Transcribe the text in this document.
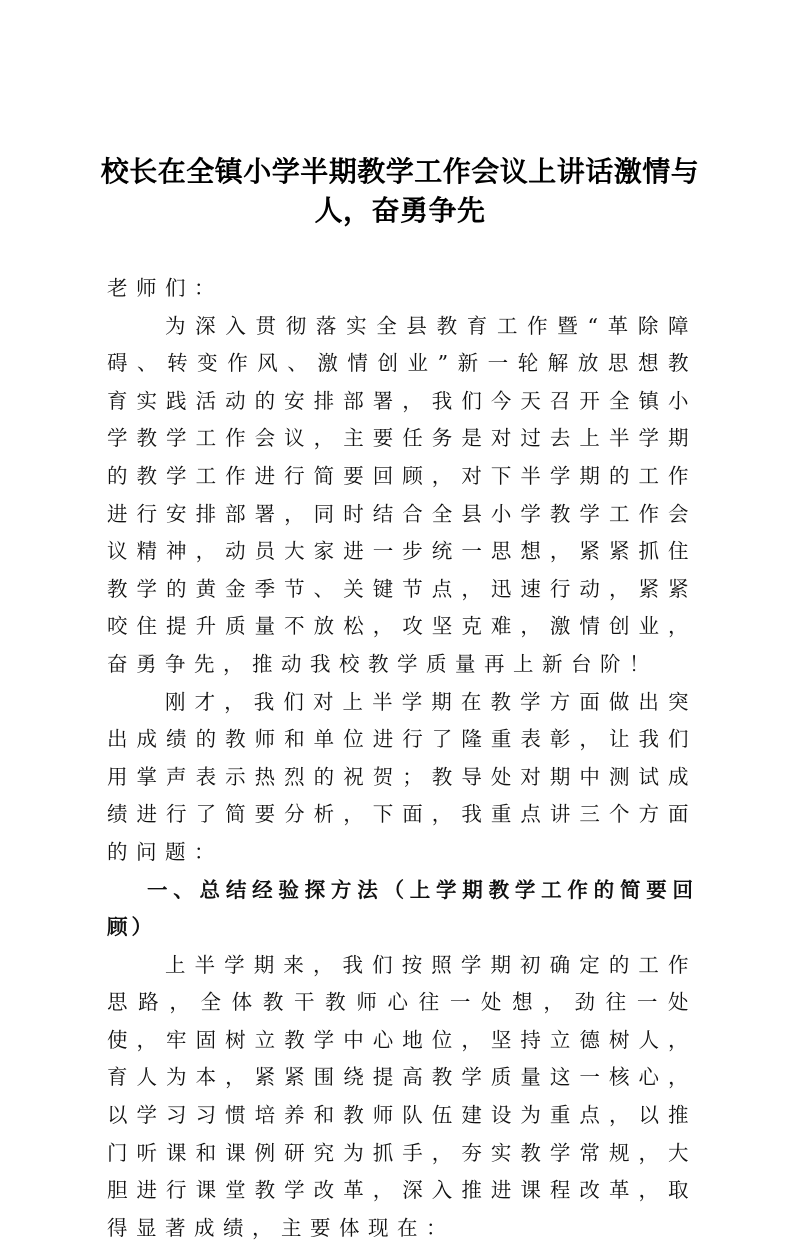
校长在全镇小学半期教学工作会议上讲话激情与人，奋勇争先

老师们：

为深入贯彻落实全县教育工作暨“革除障碍、转变作风、激情创业”新一轮解放思想教育实践活动的安排部署，我们今天召开全镇小学教学工作会议，主要任务是对过去上半学期的教学工作进行简要回顾，对下半学期的工作进行安排部署，同时结合全县小学教学工作会议精神，动员大家进一步统一思想，紧紧抓住教学的黄金季节、关键节点，迅速行动，紧紧咬住提升质量不放松，攻坚克难，激情创业，奋勇争先，推动我校教学质量再上新台阶！

刚才，我们对上半学期在教学方面做出突出成绩的教师和单位进行了隆重表彰，让我们用掌声表示热烈的祝贺；教导处对期中测试成绩进行了简要分析，下面，我重点讲三个方面的问题：

一、总结经验探方法（上学期教学工作的简要回顾）

上半学期来，我们按照学期初确定的工作思路，全体教干教师心往一处想，劲往一处使，牢固树立教学中心地位，坚持立德树人，育人为本，紧紧围绕提高教学质量这一核心，以学习习惯培养和教师队伍建设为重点，以推门听课和课例研究为抓手，夯实教学常规，大胆进行课堂教学改革，深入推进课程改革，取得显著成绩，主要体现在：
